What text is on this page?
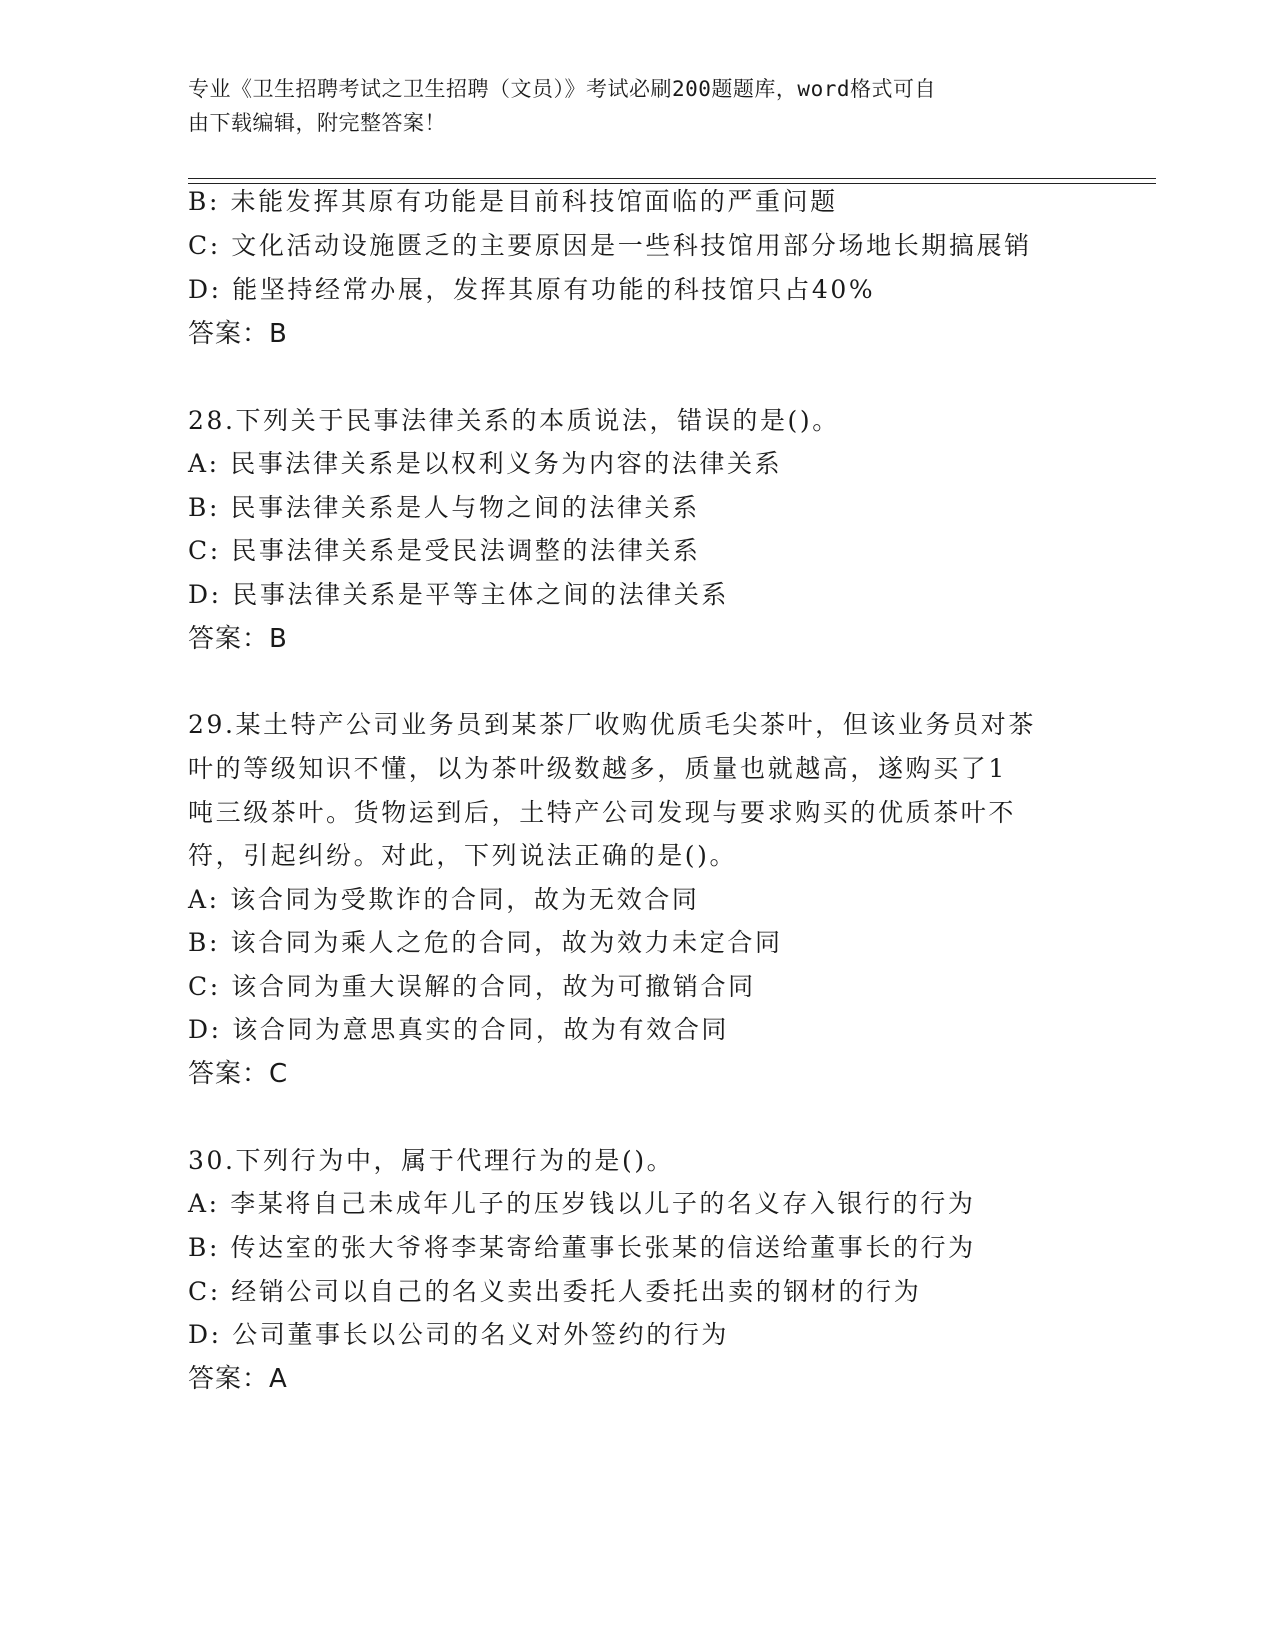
专业《卫生招聘考试之卫生招聘（文员）》考试必刷200题题库，word格式可自
由下载编辑，附完整答案！
B: 未能发挥其原有功能是目前科技馆面临的严重问题
C: 文化活动设施匮乏的主要原因是一些科技馆用部分场地长期搞展销
D: 能坚持经常办展，发挥其原有功能的科技馆只占40%
答案：B
28.下列关于民事法律关系的本质说法，错误的是()。
A: 民事法律关系是以权利义务为内容的法律关系
B: 民事法律关系是人与物之间的法律关系
C: 民事法律关系是受民法调整的法律关系
D: 民事法律关系是平等主体之间的法律关系
答案：B
29.某土特产公司业务员到某茶厂收购优质毛尖茶叶，但该业务员对茶
叶的等级知识不懂，以为茶叶级数越多，质量也就越高，遂购买了1
吨三级茶叶。货物运到后，土特产公司发现与要求购买的优质茶叶不
符，引起纠纷。对此，下列说法正确的是()。
A: 该合同为受欺诈的合同，故为无效合同
B: 该合同为乘人之危的合同，故为效力未定合同
C: 该合同为重大误解的合同，故为可撤销合同
D: 该合同为意思真实的合同，故为有效合同
答案：C
30.下列行为中，属于代理行为的是()。
A: 李某将自己未成年儿子的压岁钱以儿子的名义存入银行的行为
B: 传达室的张大爷将李某寄给董事长张某的信送给董事长的行为
C: 经销公司以自己的名义卖出委托人委托出卖的钢材的行为
D: 公司董事长以公司的名义对外签约的行为
答案：A
